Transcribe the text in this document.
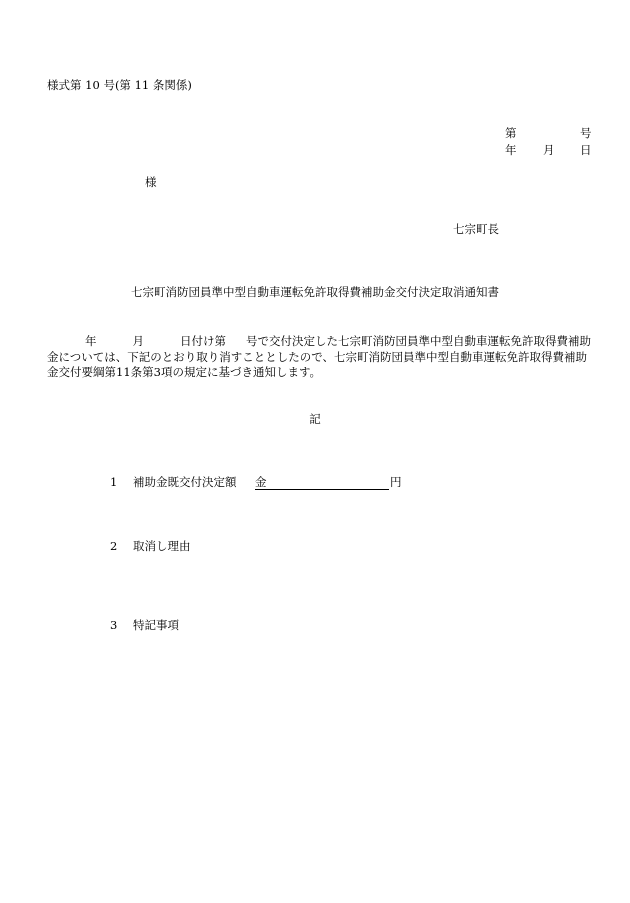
様式第 10 号(第 11 条関係)
第	号
年 月 日
様
七宗町長
七宗町消防団員準中型自動車運転免許取得費補助金交付決定取消通知書
年	月	日付け第 号で交付決定した七宗町消防団員準中型自動車運転免許取得費補助金については、下記のとおり取り消すこととしたので、七宗町消防団員準中型自動車運転免許取得費補助金交付要綱第11条第3項の規定に基づき通知します。
記
1 補助金既交付決定額 金	円
2 取消し理由
3 特記事項
